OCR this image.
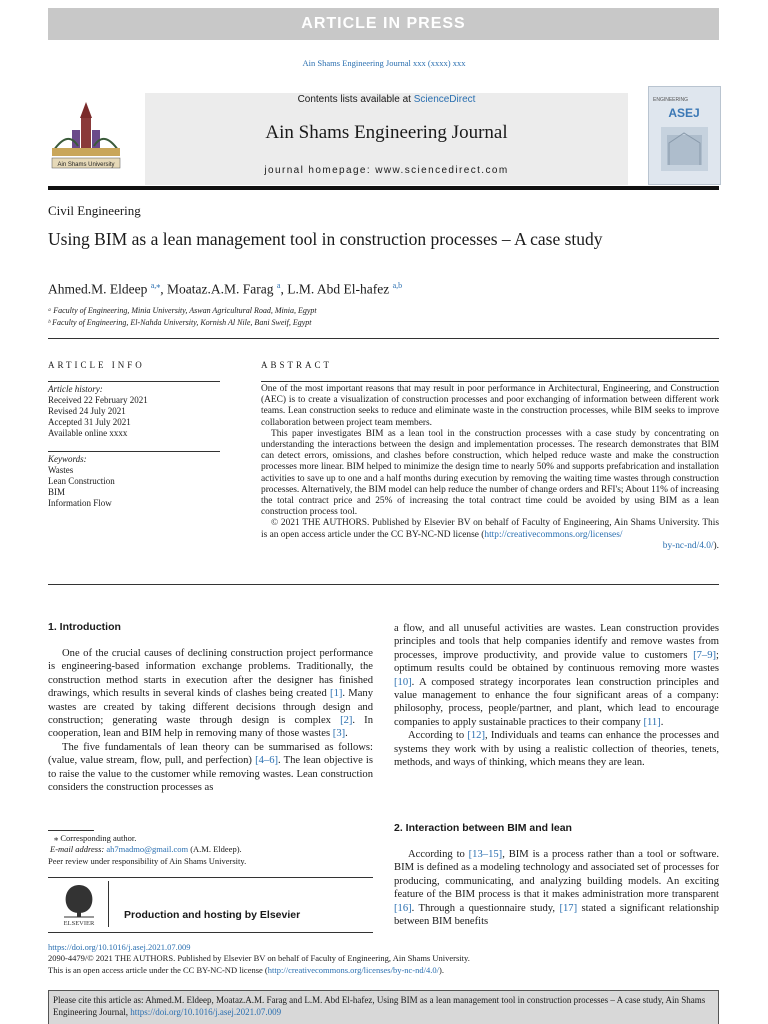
ARTICLE IN PRESS
Ain Shams Engineering Journal xxx (xxxx) xxx
Ain Shams University
Contents lists available at ScienceDirect
Ain Shams Engineering Journal
journal homepage: www.sciencedirect.com
ENGINEERING
ASEJ
Civil Engineering
Using BIM as a lean management tool in construction processes – A case study
Ahmed.M. Eldeep $^{a,⁎}$, Moataz.A.M. Farag $^a$, L.M. Abd El-hafez $^{a,b}$
ᵃ Faculty of Engineering, Minia University, Aswan Agricultural Road, Minia, Egypt
ᵇ Faculty of Engineering, El-Nahda University, Kornish Al Nile, Bani Sweif, Egypt
ARTICLE INFO
Article history:
Received 22 February 2021
Revised 24 July 2021
Accepted 31 July 2021
Available online xxxx
Keywords:
Wastes
Lean Construction
BIM
Information Flow
ABSTRACT

One of the most important reasons that may result in poor performance in Architectural, Engineering, and Construction (AEC) is to create a visualization of construction processes and poor exchanging of information between different work teams. Lean construction seeks to reduce and eliminate waste in the construction processes, while BIM seeks to improve collaboration between project team members.

This paper investigates BIM as a lean tool in the construction processes with a case study by concentrating on understanding the interactions between the design and implementation processes. The research demonstrates that BIM can detect errors, omissions, and clashes before construction, which helped reduce waste and make the construction processes more linear. BIM helped to minimize the design time to nearly 50% and supports prefabrication and installation activities to save up to one and a half months during execution by removing the waiting time wastes through construction processes. Alternatively, the BIM model can help reduce the number of change orders and RFI's; About 11% of increasing the total contract price and 25% of increasing the total contract time could be avoided by using BIM as a lean construction process tool.

© 2021 THE AUTHORS. Published by Elsevier BV on behalf of Faculty of Engineering, Ain Shams University. This is an open access article under the CC BY-NC-ND license (http://creativecommons.org/licenses/

by-nc-nd/4.0/).

1. Introduction

One of the crucial causes of declining construction project performance is engineering-based information exchange problems. Traditionally, the construction method starts in execution after the designer has finished drawings, which results in several kinds of clashes being created [1]. Many wastes are created by taking different decisions through design and construction; generating waste through design is complex [2]. In cooperation, lean and BIM help in removing many of those wastes [3].

The five fundamentals of lean theory can be summarised as follows: (value, value stream, flow, pull, and perfection) [4–6]. The lean objective is to raise the value to the customer while removing wastes. Lean construction considers the construction processes as

a flow, and all unuseful activities are wastes. Lean construction provides principles and tools that help companies identify and remove wastes from processes, improve productivity, and provide value to customers [7–9]; optimum results could be obtained by continuous removing more wastes [10]. A composed strategy incorporates lean construction principles and value management to enhance the four significant areas of a company: philosophy, process, people/partner, and plant, which lead to encourage companies to apply sustainable practices to their company [11].

According to [12], Individuals and teams can enhance the processes and systems they work with by using a realistic collection of theories, tenets, methods, and ways of thinking, which means they are lean.

2. Interaction between BIM and lean

According to [13–15], BIM is a process rather than a tool or software. BIM is defined as a modeling technology and associated set of processes for producing, communicating, and analyzing building models. An exciting feature of the BIM process is that it makes administration more transparent [16]. Through a questionnaire study, [17] stated a significant relationship between BIM benefits

⁎ Corresponding author.
E-mail address: ah7madmo@gmail.com (A.M. Eldeep).
Peer review under responsibility of Ain Shams University.
ELSEVIER
Production and hosting by Elsevier
https://doi.org/10.1016/j.asej.2021.07.009
2090-4479/© 2021 THE AUTHORS. Published by Elsevier BV on behalf of Faculty of Engineering, Ain Shams University.
This is an open access article under the CC BY-NC-ND license (http://creativecommons.org/licenses/by-nc-nd/4.0/).
Please cite this article as: Ahmed.M. Eldeep, Moataz.A.M. Farag and L.M. Abd El-hafez, Using BIM as a lean management tool in construction processes – A case study, Ain Shams Engineering Journal, https://doi.org/10.1016/j.asej.2021.07.009
